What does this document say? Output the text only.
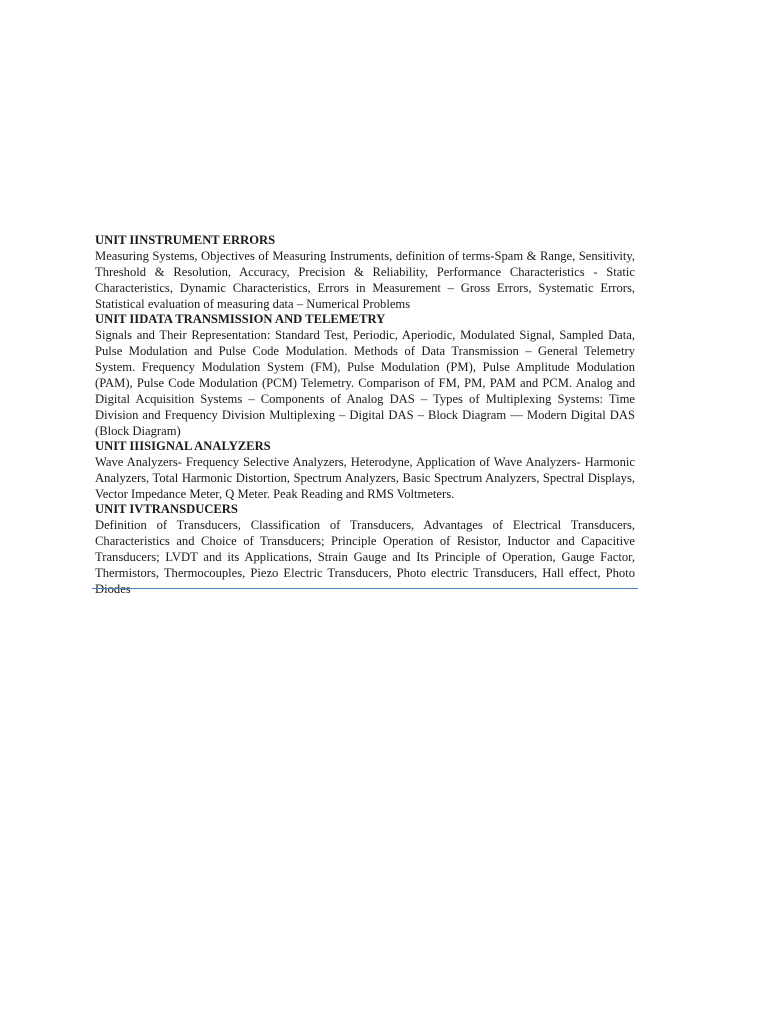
UNIT IINSTRUMENT ERRORS

Measuring Systems, Objectives of Measuring Instruments, definition of terms-Spam & Range, Sensitivity, Threshold & Resolution, Accuracy, Precision & Reliability, Performance Characteristics - Static Characteristics, Dynamic Characteristics, Errors in Measurement – Gross Errors, Systematic Errors, Statistical evaluation of measuring data – Numerical Problems

UNIT IIDATA TRANSMISSION AND TELEMETRY

Signals and Their Representation: Standard Test, Periodic, Aperiodic, Modulated Signal, Sampled Data, Pulse Modulation and Pulse Code Modulation. Methods of Data Transmission – General Telemetry System. Frequency Modulation System (FM), Pulse Modulation (PM), Pulse Amplitude Modulation (PAM), Pulse Code Modulation (PCM) Telemetry. Comparison of FM, PM, PAM and PCM. Analog and Digital Acquisition Systems – Components of Analog DAS – Types of Multiplexing Systems: Time Division and Frequency Division Multiplexing – Digital DAS – Block Diagram — Modern Digital DAS (Block Diagram)

UNIT IIISIGNAL ANALYZERS

Wave Analyzers- Frequency Selective Analyzers, Heterodyne, Application of Wave Analyzers- Harmonic Analyzers, Total Harmonic Distortion, Spectrum Analyzers, Basic Spectrum Analyzers, Spectral Displays, Vector Impedance Meter, Q Meter. Peak Reading and RMS Voltmeters.

UNIT IVTRANSDUCERS

Definition of Transducers, Classification of Transducers, Advantages of Electrical Transducers, Characteristics and Choice of Transducers; Principle Operation of Resistor, Inductor and Capacitive Transducers; LVDT and its Applications, Strain Gauge and Its Principle of Operation, Gauge Factor, Thermistors, Thermocouples, Piezo Electric Transducers, Photo electric Transducers, Hall effect, Photo Diodes
